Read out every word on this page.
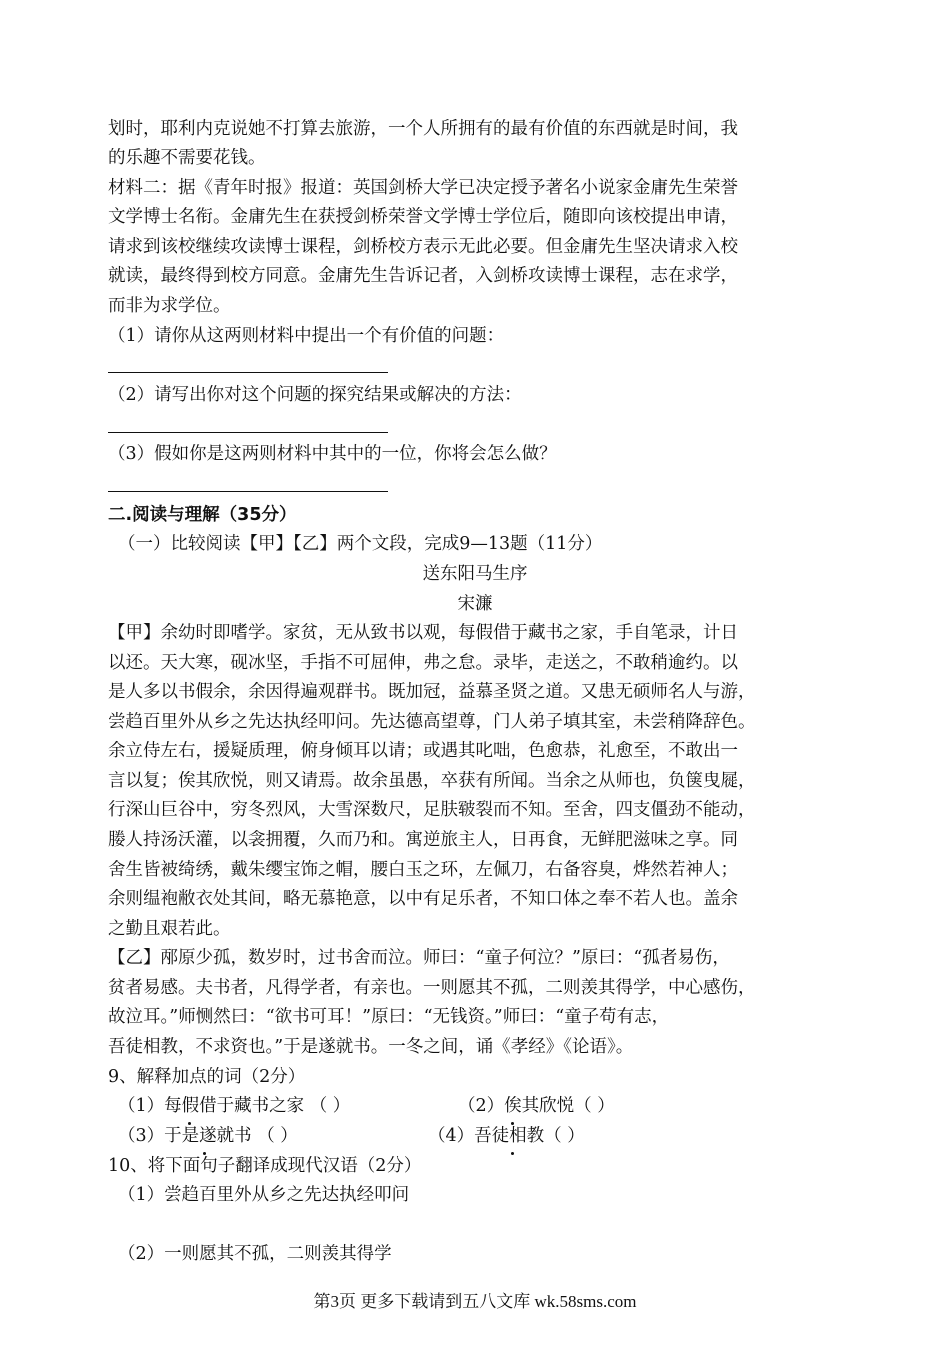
划时，耶利内克说她不打算去旅游，一个人所拥有的最有价值的东西就是时间，我
的乐趣不需要花钱。
材料二：据《青年时报》报道：英国剑桥大学已决定授予著名小说家金庸先生荣誉
文学博士名衔。金庸先生在获授剑桥荣誉文学博士学位后，随即向该校提出申请，
请求到该校继续攻读博士课程，剑桥校方表示无此必要。但金庸先生坚决请求入校
就读，最终得到校方同意。金庸先生告诉记者，入剑桥攻读博士课程，志在求学，
而非为求学位。
（1）请你从这两则材料中提出一个有价值的问题：
（2）请写出你对这个问题的探究结果或解决的方法：
（3）假如你是这两则材料中其中的一位，你将会怎么做？
二.阅读与理解（35分）
（一）比较阅读【甲】【乙】两个文段，完成9—13题（11分）
送东阳马生序
宋濂
【甲】余幼时即嗜学。家贫，无从致书以观，每假借于藏书之家，手自笔录，计日
以还。天大寒，砚冰坚，手指不可屈伸，弗之怠。录毕，走送之，不敢稍逾约。以
是人多以书假余，余因得遍观群书。既加冠，益慕圣贤之道。又患无硕师名人与游，
尝趋百里外从乡之先达执经叩问。先达德高望尊，门人弟子填其室，未尝稍降辞色。
余立侍左右，援疑质理，俯身倾耳以请；或遇其叱咄，色愈恭，礼愈至，不敢出一
言以复；俟其欣悦，则又请焉。故余虽愚，卒获有所闻。当余之从师也，负箧曳屣，
行深山巨谷中，穷冬烈风，大雪深数尺，足肤皲裂而不知。至舍，四支僵劲不能动，
媵人持汤沃灌，以衾拥覆，久而乃和。寓逆旅主人，日再食，无鲜肥滋味之享。同
舍生皆被绮绣，戴朱缨宝饰之帽，腰白玉之环，左佩刀，右备容臭，烨然若神人；
余则缊袍敝衣处其间，略无慕艳意，以中有足乐者，不知口体之奉不若人也。盖余
之勤且艰若此。
【乙】邴原少孤，数岁时，过书舍而泣。师曰：“童子何泣？”原曰：“孤者易伤，
贫者易感。夫书者，凡得学者，有亲也。一则愿其不孤，二则羡其得学，中心感伤，
故泣耳。”师恻然曰：“欲书可耳！”原曰：“无钱资。”师曰：“童子苟有志，
吾徒相教，不求资也。”于是遂就书。一冬之间，诵《孝经》《论语》。
9、解释加点的词（2分）
（1）每假借于藏书之家 （ ）	（2）俟其欣悦（ ）
（3）于是遂就书 （ ）	（4）吾徒相教（ ）
10、将下面句子翻译成现代汉语（2分）
（1）尝趋百里外从乡之先达执经叩问
（2）一则愿其不孤，二则羡其得学
第3页 更多下载请到五八文库 wk.58sms.com
